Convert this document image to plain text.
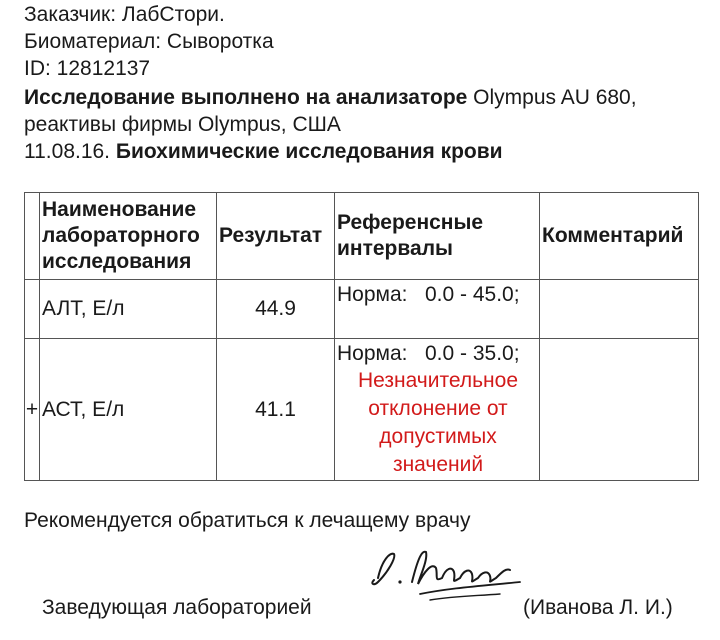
Заказчик: ЛабСтори.
Биоматериал: Сыворотка
ID: 12812137
Исследование выполнено на анализаторе Olympus AU 680,
реактивы фирмы Olympus, США
11.08.16. Биохимические исследования крови
	Наименование лабораторного исследования	Результат	Референсные интервалы	Комментарий
	АЛТ, Е/л	44.9	Норма:   0.0 - 45.0;	

+	АСТ, Е/л	41.1	Норма:   0.0 - 35.0;
Незначительное отклонение от допустимых значений	

Рекомендуется обратиться к лечащему врачу
Заведующая лабораторией	(Иванова Л. И.)
